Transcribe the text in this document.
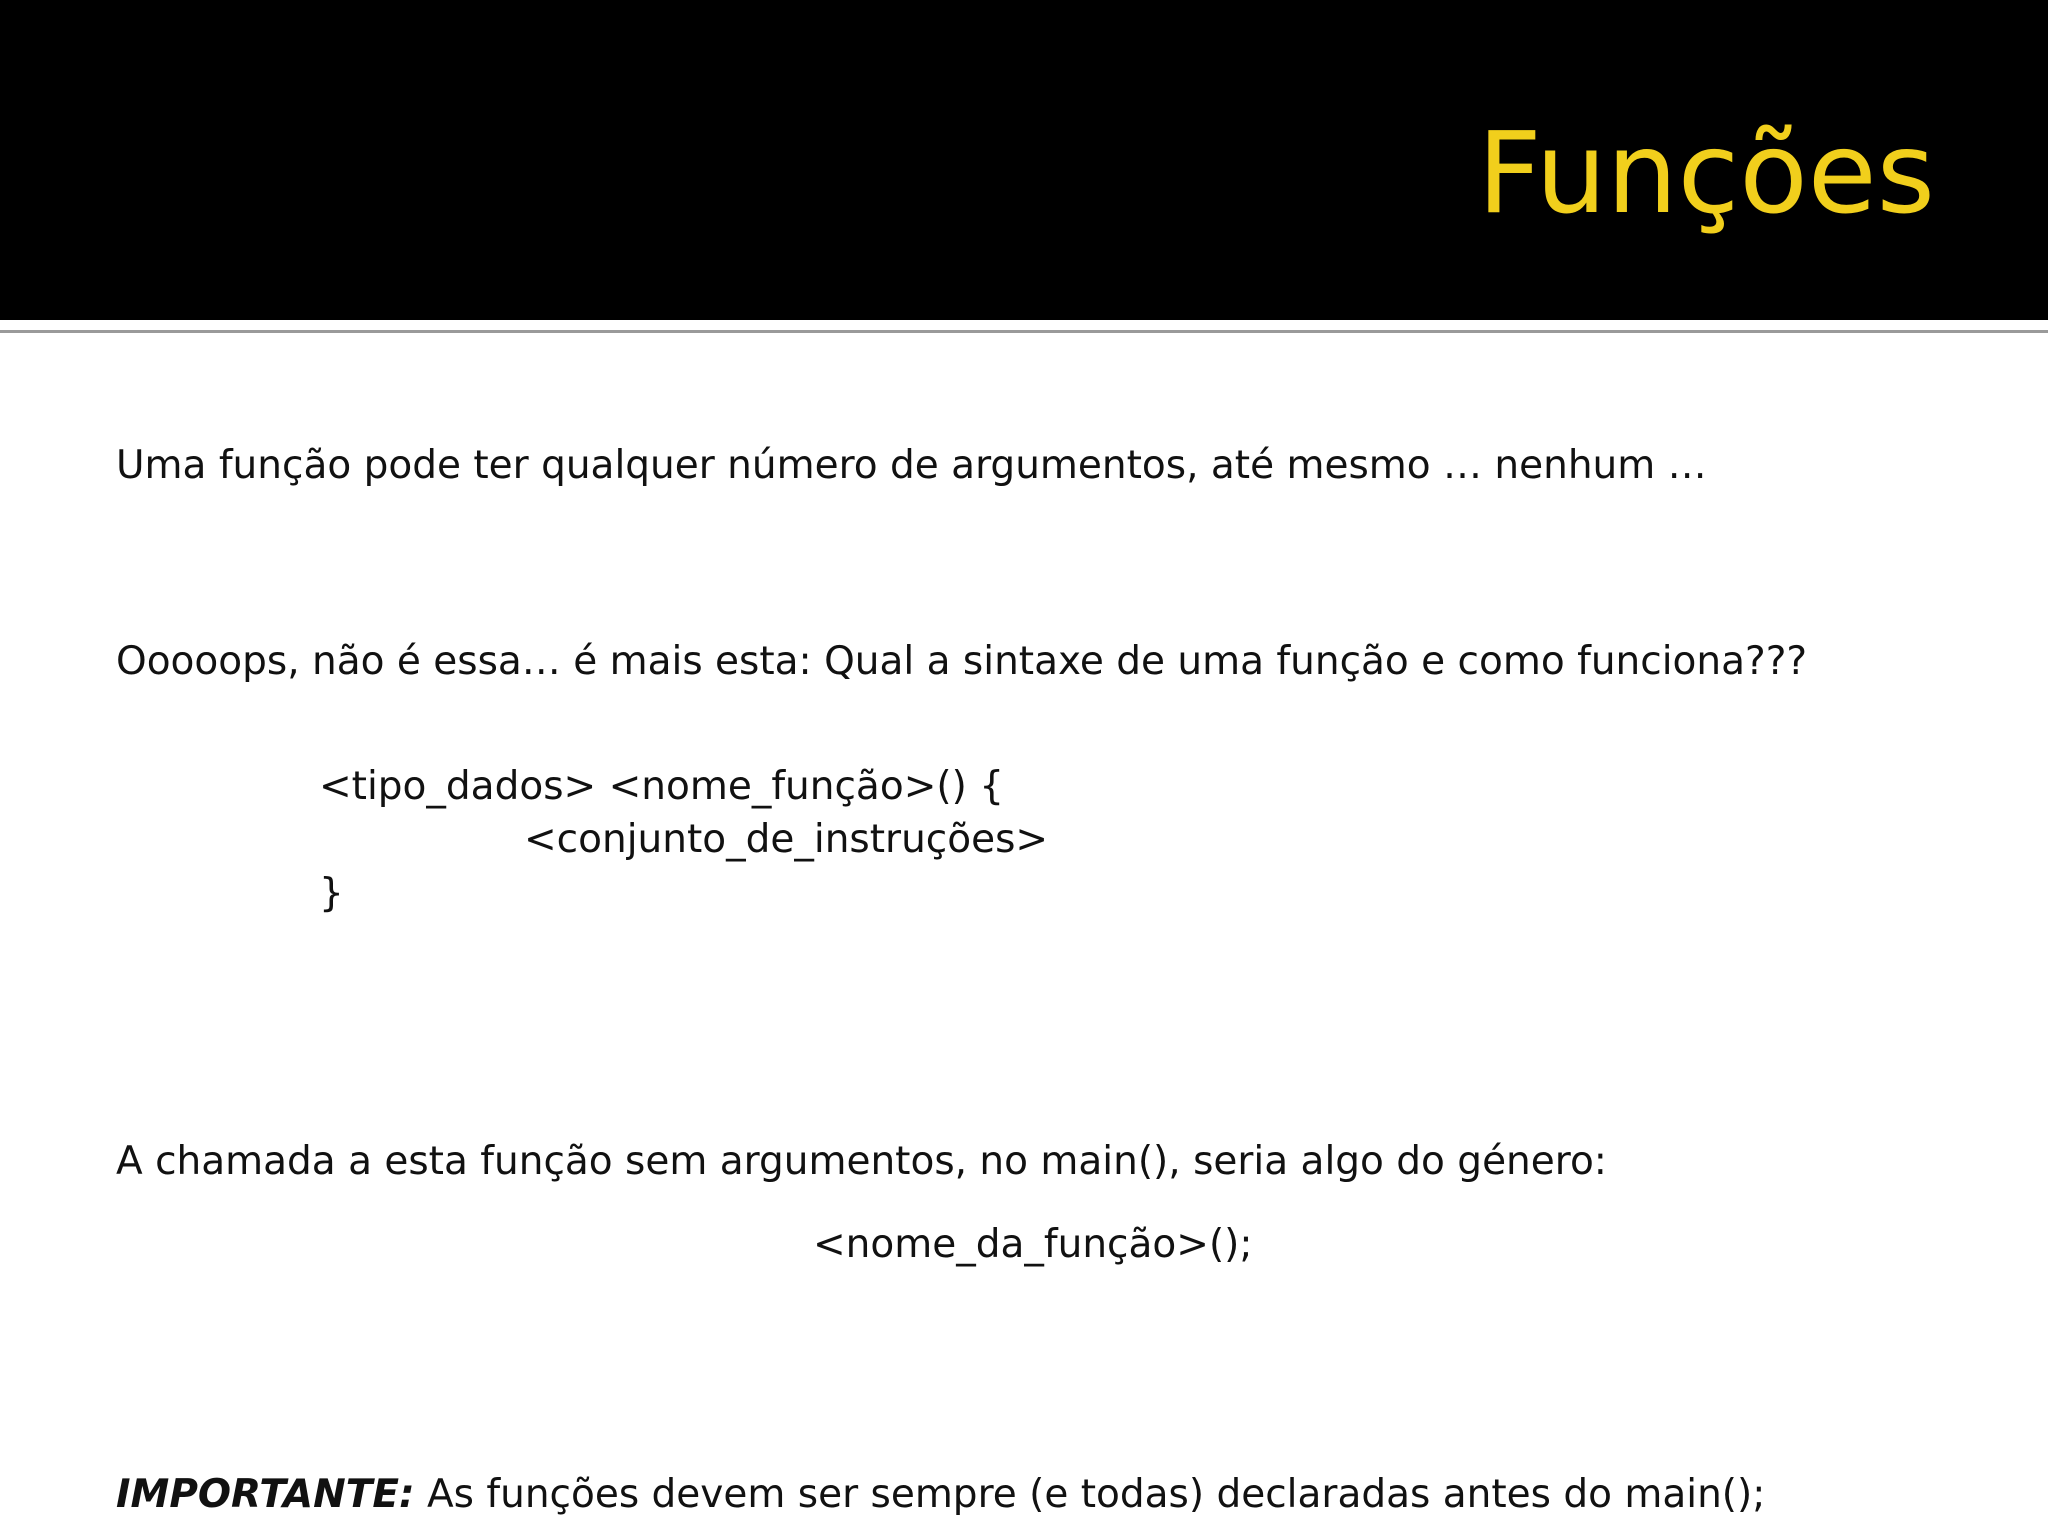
Funções
Uma função pode ter qualquer número de argumentos, até mesmo … nenhum …
Ooooops, não é essa… é mais esta: Qual a sintaxe de uma função e como funciona???
<tipo_dados> <nome_função>() {
<conjunto_de_instruções>
}
A chamada a esta função sem argumentos, no main(), seria algo do género:
<nome_da_função>();
IMPORTANTE: As funções devem ser sempre (e todas) declaradas antes do main();
